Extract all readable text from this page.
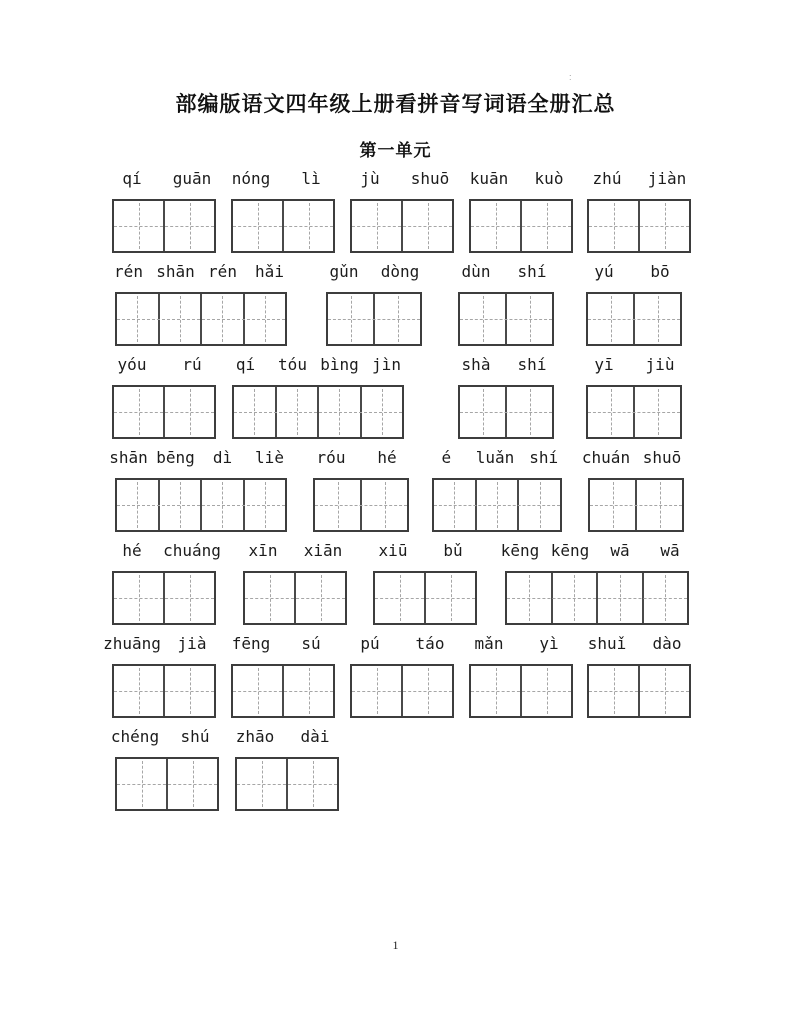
:
部编版语文四年级上册看拼音写词语全册汇总
第一单元
qí guān nóng lì jù shuō kuān kuò zhú jiàn
rén shān rén hǎi	gǔn dòng	dùn shí	yú bō
yóu rú qí tóu bìng jìn	shà shí	yī jiù
shān bēng dì liè róu hé	é luǎn shí chuán shuō
hé chuáng xīn xiān xiū bǔ kēng kēng wā wā
zhuāng jià fēng sú pú táo mǎn yì shuǐ dào
chéng shú zhāo dài
1
